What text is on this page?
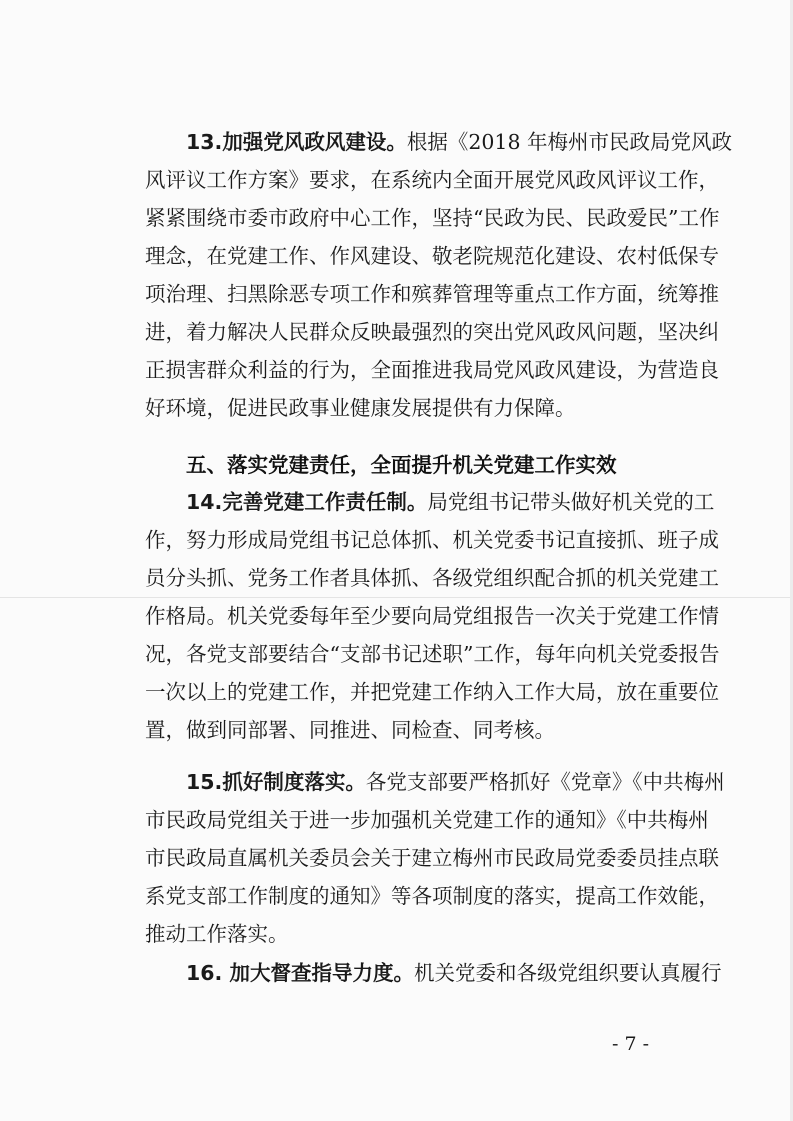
13.加强党风政风建设。根据《2018 年梅州市民政局党风政
风评议工作方案》要求，在系统内全面开展党风政风评议工作，
紧紧围绕市委市政府中心工作，坚持“民政为民、民政爱民”工作
理念，在党建工作、作风建设、敬老院规范化建设、农村低保专
项治理、扫黑除恶专项工作和殡葬管理等重点工作方面，统筹推
进，着力解决人民群众反映最强烈的突出党风政风问题，坚决纠
正损害群众利益的行为，全面推进我局党风政风建设，为营造良
好环境，促进民政事业健康发展提供有力保障。
五、落实党建责任，全面提升机关党建工作实效
14.完善党建工作责任制。局党组书记带头做好机关党的工
作，努力形成局党组书记总体抓、机关党委书记直接抓、班子成
员分头抓、党务工作者具体抓、各级党组织配合抓的机关党建工
作格局。机关党委每年至少要向局党组报告一次关于党建工作情
况，各党支部要结合“支部书记述职”工作，每年向机关党委报告
一次以上的党建工作，并把党建工作纳入工作大局，放在重要位
置，做到同部署、同推进、同检查、同考核。
15.抓好制度落实。各党支部要严格抓好《党章》《中共梅州
市民政局党组关于进一步加强机关党建工作的通知》《中共梅州
市民政局直属机关委员会关于建立梅州市民政局党委委员挂点联
系党支部工作制度的通知》等各项制度的落实，提高工作效能，
推动工作落实。
16. 加大督查指导力度。机关党委和各级党组织要认真履行
- 7 -
